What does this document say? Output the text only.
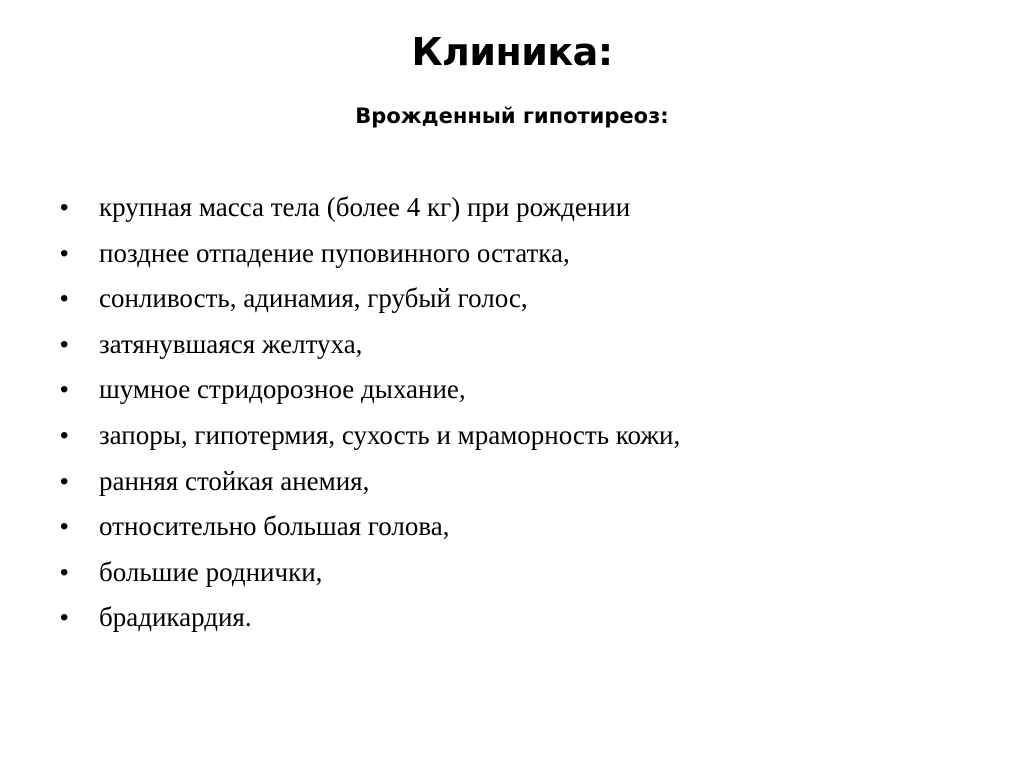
Клиника:
Врожденный гипотиреоз:
•	крупная масса тела (более 4 кг) при рождении
•	позднее отпадение пуповинного остатка,
•	сонливость, адинамия, грубый голос,
•	затянувшаяся желтуха,
•	шумное стридорозное дыхание,
•	запоры, гипотермия, сухость и мраморность кожи,
•	ранняя стойкая анемия,
•	относительно большая голова,
•	большие роднички,
•	брадикардия.
